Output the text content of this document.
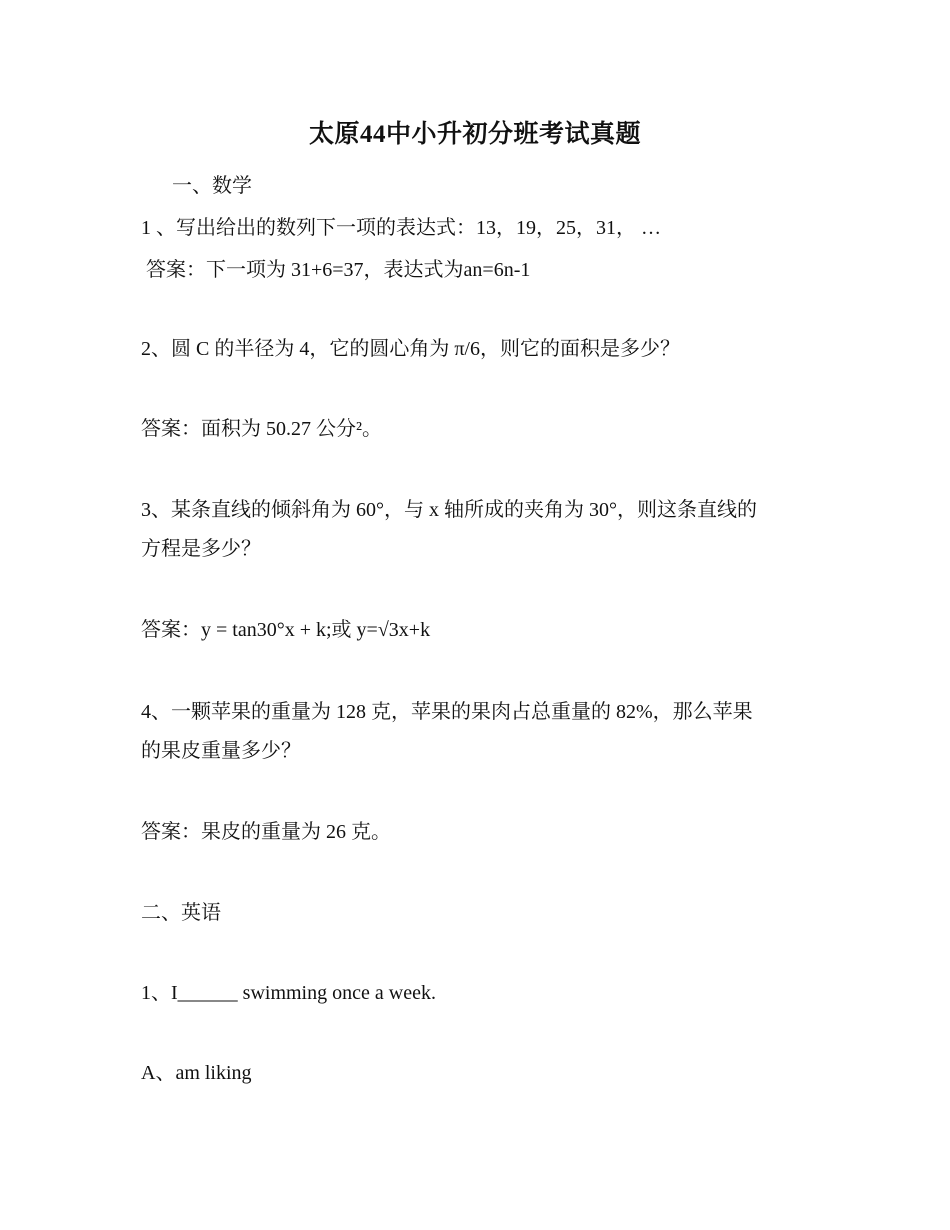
太原44中小升初分班考试真题
一、数学
1 、写出给出的数列下一项的表达式：13，19，25，31， …
答案：下一项为 31+6=37，表达式为an=6n-1
2、圆 C 的半径为 4，它的圆心角为 π/6，则它的面积是多少？
答案：面积为 50.27 公分²。
3、某条直线的倾斜角为 60°，与 x 轴所成的夹角为 30°，则这条直线的
方程是多少？
答案：y = tan30°x + k;或 y=√3x+k
4、一颗苹果的重量为 128 克，苹果的果肉占总重量的 82%，那么苹果
的果皮重量多少？
答案：果皮的重量为 26 克。
二、英语
1、I______ swimming once a week.
A、am liking
